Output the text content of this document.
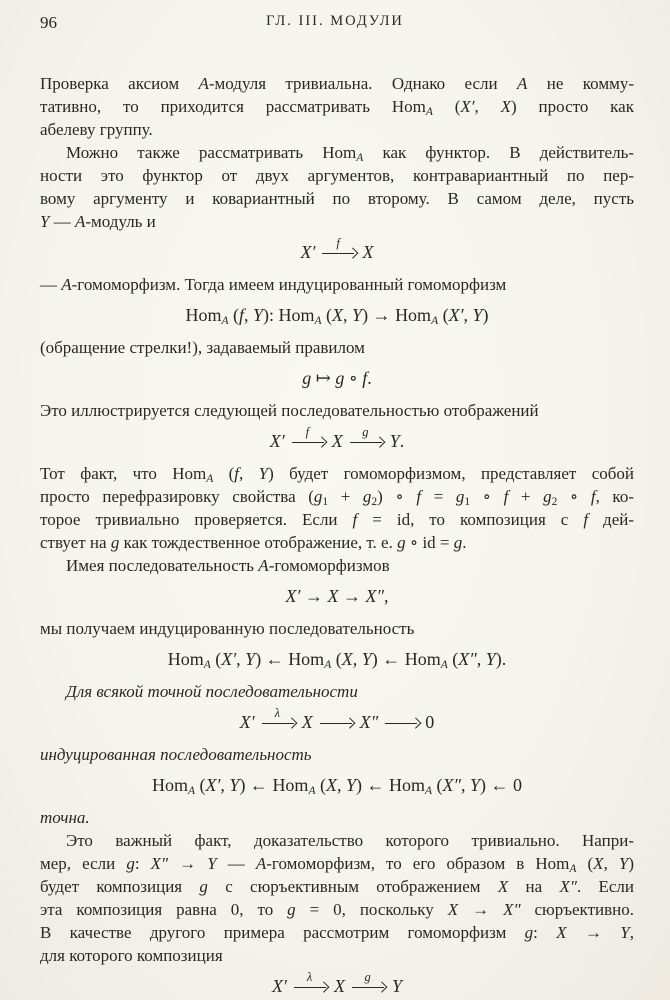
96	ГЛ. III. МОДУЛИ
Проверка аксиом A-модуля тривиальна. Однако если A не комму-
тативно, то приходится рассматривать Hom$_A$ (X′, X) просто как
абелеву группу.
Можно также рассматривать Hom$_A$ как функтор. В действитель-
ности это функтор от двух аргументов, контравариантный по пер-
вому аргументу и ковариантный по второму. В самом деле, пусть
Y — A-модуль и
X′ f X
— A-гомоморфизм. Тогда имеем индуцированный гомоморфизм
Hom$_A$ (f, Y): Hom$_A$ (X, Y) → Hom$_A$ (X′, Y)
(обращение стрелки!), задаваемый правилом
g ↦ g ∘ f.
Это иллюстрируется следующей последовательностью отображений
X′ f X g Y.
Тот факт, что Hom$_A$ (f, Y) будет гомоморфизмом, представляет собой
просто перефразировку свойства $(g_1 + g_2)$ ∘ $f = g_1$ ∘ $f + g_2$ ∘ f, ко-
торое тривиально проверяется. Если f = id, то композиция с f дей-
ствует на g как тождественное отображение, т. е. g ∘ id = g.
Имея последовательность A-гомоморфизмов
X′ → X → X″,
мы получаем индуцированную последовательность
Hom$_A$ (X′, Y) ← Hom$_A$ (X, Y) ← Hom$_A$ (X″, Y).
Для всякой точной последовательности
X′ λ X	X″	0
индуцированная последовательность
Hom$_A$ (X′, Y) ← Hom$_A$ (X, Y) ← Hom$_A$ (X″, Y) ← 0
точна.
Это важный факт, доказательство которого тривиально. Напри-
мер, если g: X″ → Y — A-гомоморфизм, то его образом в Hom$_A$ (X, Y)
будет композиция g с сюръективным отображением X на X″. Если
эта композиция равна 0, то g = 0, поскольку X → X″ сюръективно.
В качестве другого примера рассмотрим гомоморфизм g: X → Y,
для которого композиция
X′ λ X g Y
